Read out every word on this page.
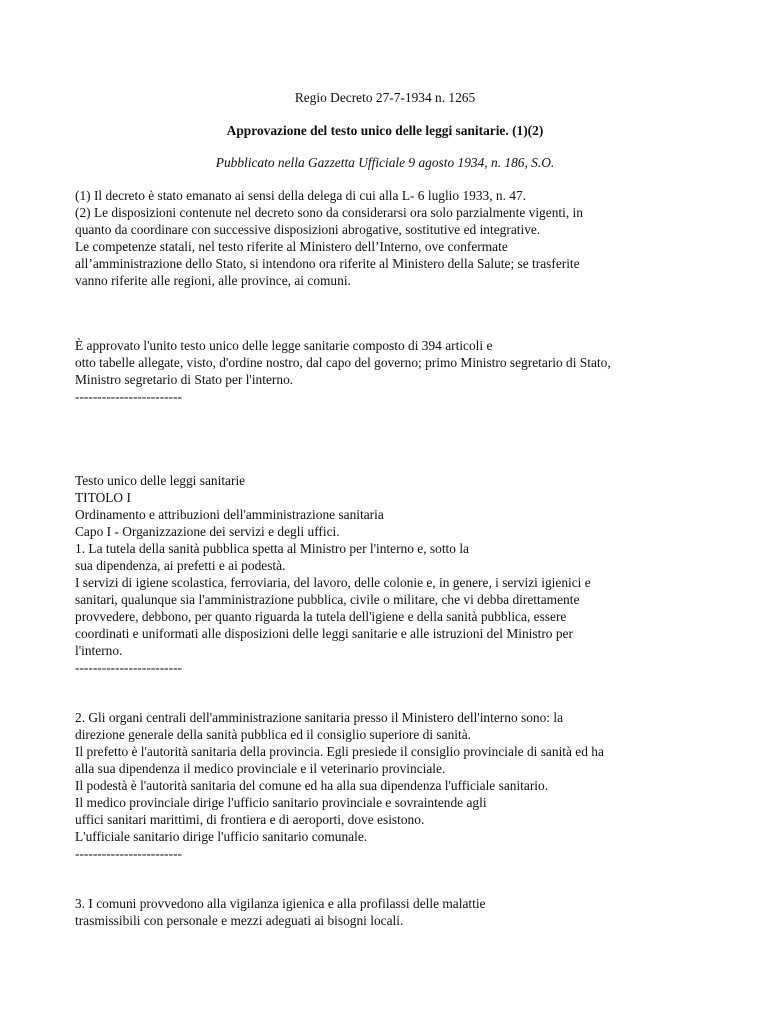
Regio Decreto 27-7-1934 n. 1265
Approvazione del testo unico delle leggi sanitarie. (1)(2)
Pubblicato nella Gazzetta Ufficiale 9 agosto 1934, n. 186, S.O.
(1) Il decreto è stato emanato ai sensi della delega di cui alla L- 6 luglio 1933, n. 47.
(2) Le disposizioni contenute nel decreto sono da considerarsi ora solo parzialmente vigenti, in
quanto da coordinare con successive disposizioni abrogative, sostitutive ed integrative.
Le competenze statali, nel testo riferite al Ministero dell’Interno, ove confermate
all’amministrazione dello Stato, si intendono ora riferite al Ministero della Salute; se trasferite
vanno riferite alle regioni, alle province, ai comuni.
È approvato l'unito testo unico delle legge sanitarie composto di 394 articoli e
otto tabelle allegate, visto, d'ordine nostro, dal capo del governo; primo Ministro segretario di Stato,
Ministro segretario di Stato per l'interno.
------------------------
Testo unico delle leggi sanitarie
TITOLO I
Ordinamento e attribuzioni dell'amministrazione sanitaria
Capo I - Organizzazione dei servizi e degli uffici.
1. La tutela della sanità pubblica spetta al Ministro per l'interno e, sotto la
sua dipendenza, ai prefetti e ai podestà.
I servizi di igiene scolastica, ferroviaria, del lavoro, delle colonie e, in genere, i servizi igienici e
sanitari, qualunque sia l'amministrazione pubblica, civile o militare, che vi debba direttamente
provvedere, debbono, per quanto riguarda la tutela dell'igiene e della sanità pubblica, essere
coordinati e uniformati alle disposizioni delle leggi sanitarie e alle istruzioni del Ministro per
l'interno.
------------------------
2. Gli organi centrali dell'amministrazione sanitaria presso il Ministero dell'interno sono: la
direzione generale della sanità pubblica ed il consiglio superiore di sanità.
Il prefetto è l'autorità sanitaria della provincia. Egli presiede il consiglio provinciale di sanità ed ha
alla sua dipendenza il medico provinciale e il veterinario provinciale.
Il podestà è l'autorità sanitaria del comune ed ha alla sua dipendenza l'ufficiale sanitario.
Il medico provinciale dirige l'ufficio sanitario provinciale e sovraintende agli
uffici sanitari marittimi, di frontiera e di aeroporti, dove esistono.
L'ufficiale sanitario dirige l'ufficio sanitario comunale.
------------------------
3. I comuni provvedono alla vigilanza igienica e alla profilassi delle malattie
trasmissibili con personale e mezzi adeguati ai bisogni locali.
